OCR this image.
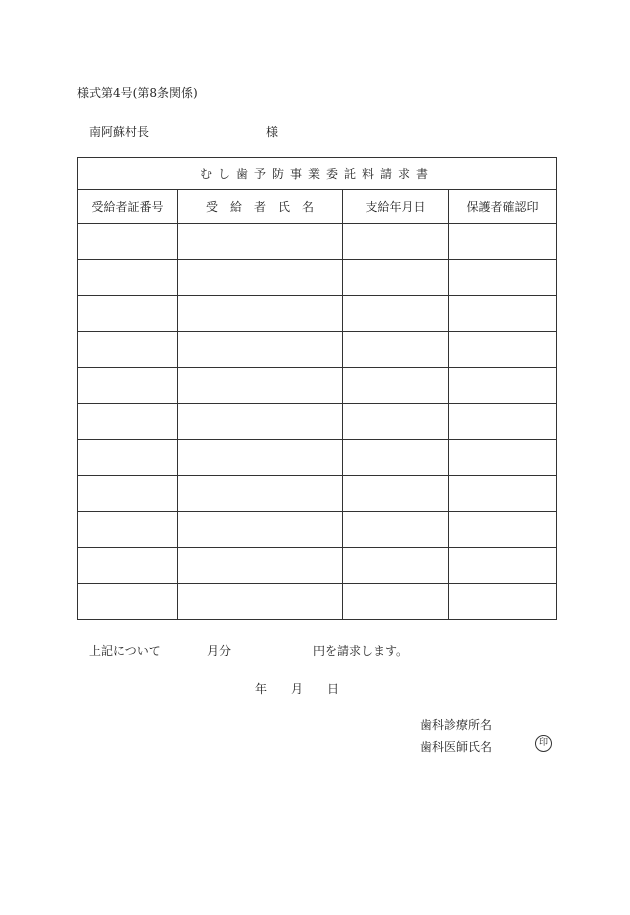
様式第4号(第8条関係)
南阿蘇村長	様
むし歯予防事業委託料請求書			
受給者証番号	受　給　者　氏　名	支給年月日	保護者確認印

上記について	月分	円を請求します。
年 月 日
歯科診療所名
歯科医師氏名	印
